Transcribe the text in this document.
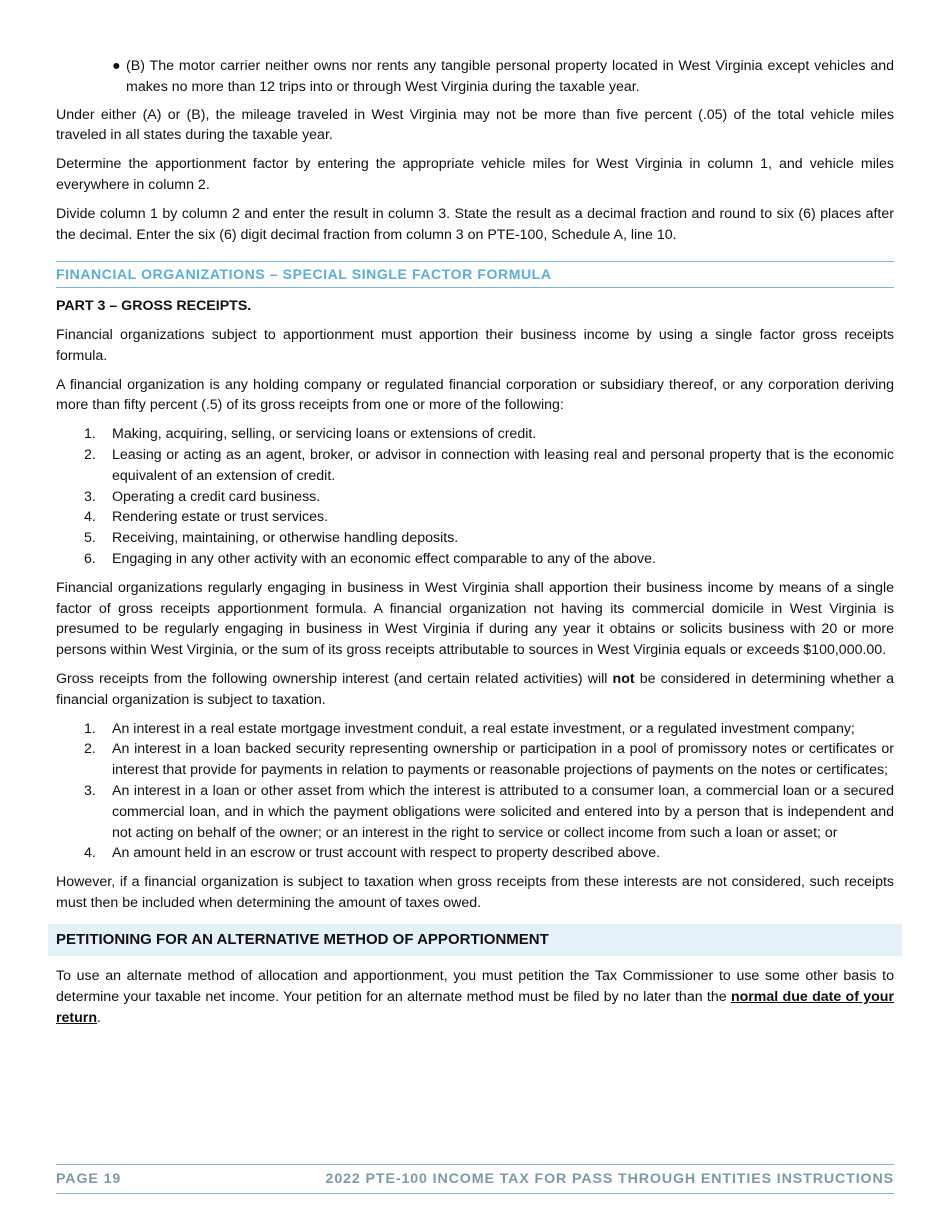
● (B) The motor carrier neither owns nor rents any tangible personal property located in West Virginia except vehicles and makes no more than 12 trips into or through West Virginia during the taxable year.

Under either (A) or (B), the mileage traveled in West Virginia may not be more than five percent (.05) of the total vehicle miles traveled in all states during the taxable year.

Determine the apportionment factor by entering the appropriate vehicle miles for West Virginia in column 1, and vehicle miles everywhere in column 2.

Divide column 1 by column 2 and enter the result in column 3. State the result as a decimal fraction and round to six (6) places after the decimal. Enter the six (6) digit decimal fraction from column 3 on PTE-100, Schedule A, line 10.

FINANCIAL ORGANIZATIONS – SPECIAL SINGLE FACTOR FORMULA
PART 3 – GROSS RECEIPTS.

Financial organizations subject to apportionment must apportion their business income by using a single factor gross receipts formula.

A financial organization is any holding company or regulated financial corporation or subsidiary thereof, or any corporation deriving more than fifty percent (.5) of its gross receipts from one or more of the following:

1. Making, acquiring, selling, or servicing loans or extensions of credit.
2. Leasing or acting as an agent, broker, or advisor in connection with leasing real and personal property that is the economic equivalent of an extension of credit.
3. Operating a credit card business.
4. Rendering estate or trust services.
5. Receiving, maintaining, or otherwise handling deposits.
6. Engaging in any other activity with an economic effect comparable to any of the above.

Financial organizations regularly engaging in business in West Virginia shall apportion their business income by means of a single factor of gross receipts apportionment formula. A financial organization not having its commercial domicile in West Virginia is presumed to be regularly engaging in business in West Virginia if during any year it obtains or solicits business with 20 or more persons within West Virginia, or the sum of its gross receipts attributable to sources in West Virginia equals or exceeds $100,000.00.

Gross receipts from the following ownership interest (and certain related activities) will not be considered in determining whether a financial organization is subject to taxation.

1. An interest in a real estate mortgage investment conduit, a real estate investment, or a regulated investment company;
2. An interest in a loan backed security representing ownership or participation in a pool of promissory notes or certificates or interest that provide for payments in relation to payments or reasonable projections of payments on the notes or certificates;
3. An interest in a loan or other asset from which the interest is attributed to a consumer loan, a commercial loan or a secured commercial loan, and in which the payment obligations were solicited and entered into by a person that is independent and not acting on behalf of the owner; or an interest in the right to service or collect income from such a loan or asset; or
4. An amount held in an escrow or trust account with respect to property described above.

However, if a financial organization is subject to taxation when gross receipts from these interests are not considered, such receipts must then be included when determining the amount of taxes owed.

PETITIONING FOR AN ALTERNATIVE METHOD OF APPORTIONMENT

To use an alternate method of allocation and apportionment, you must petition the Tax Commissioner to use some other basis to determine your taxable net income. Your petition for an alternate method must be filed by no later than the normal due date of your return.

PAGE 19	2022 PTE-100 INCOME TAX FOR PASS THROUGH ENTITIES INSTRUCTIONS
